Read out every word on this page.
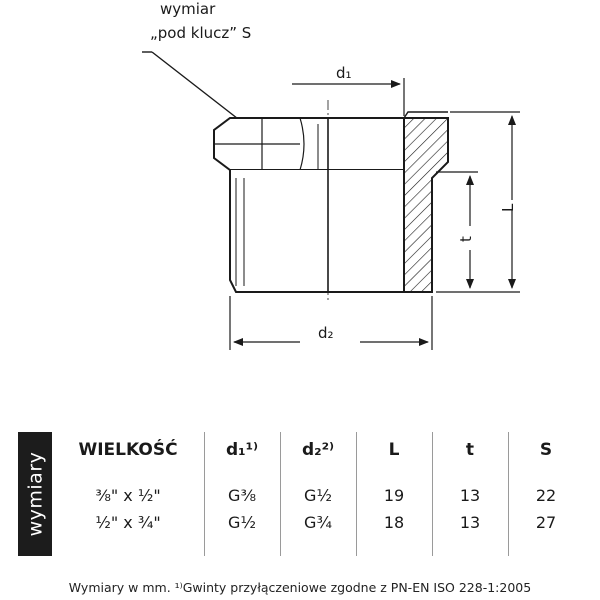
wymiar
„pod klucz” S
d₁
d₂
L
t
wymiary
WIELKOŚĆ	d₁¹⁾	d₂²⁾	L	t	S
⅜" x ½"	G⅜	G½	19	13	22
½" x ¾"	G½	G¾	18	13	27
Wymiary w mm. ¹⁾Gwinty przyłączeniowe zgodne z PN-EN ISO 228-1:2005
